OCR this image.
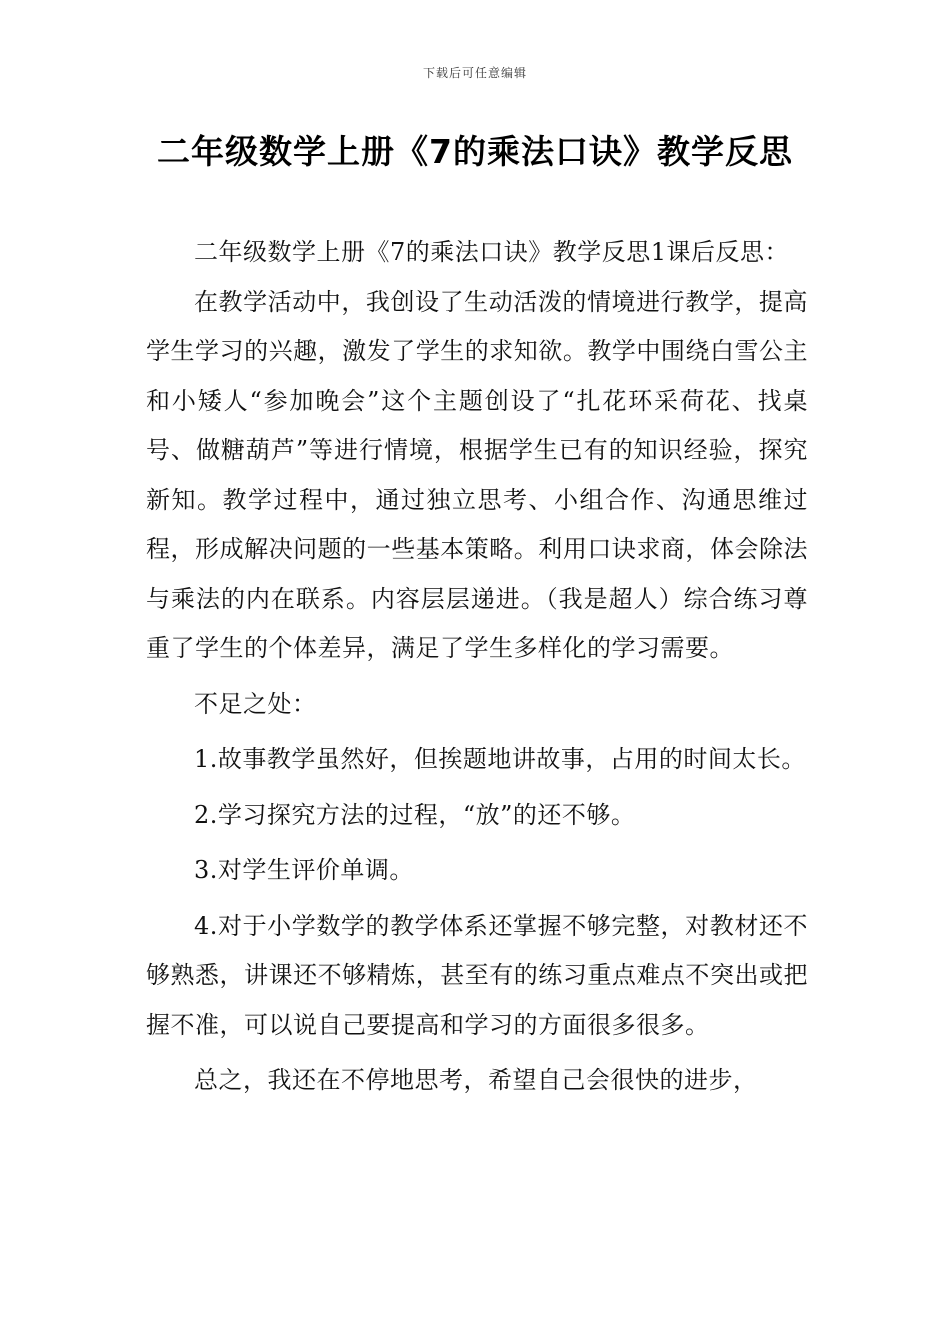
下载后可任意编辑
二年级数学上册《7的乘法口诀》教学反思

二年级数学上册《7的乘法口诀》教学反思1课后反思：

在教学活动中，我创设了生动活泼的情境进行教学，提高学生学习的兴趣，激发了学生的求知欲。教学中围绕白雪公主和小矮人“参加晚会”这个主题创设了“扎花环采荷花、找桌号、做糖葫芦”等进行情境，根据学生已有的知识经验，探究新知。教学过程中，通过独立思考、小组合作、沟通思维过程，形成解决问题的一些基本策略。利用口诀求商，体会除法与乘法的内在联系。内容层层递进。（我是超人）综合练习尊重了学生的个体差异，满足了学生多样化的学习需要。

不足之处：

1.故事教学虽然好，但挨题地讲故事，占用的时间太长。

2.学习探究方法的过程，“放”的还不够。

3.对学生评价单调。

4.对于小学数学的教学体系还掌握不够完整，对教材还不够熟悉，讲课还不够精炼，甚至有的练习重点难点不突出或把握不准，可以说自己要提高和学习的方面很多很多。

总之，我还在不停地思考，希望自己会很快的进步，
